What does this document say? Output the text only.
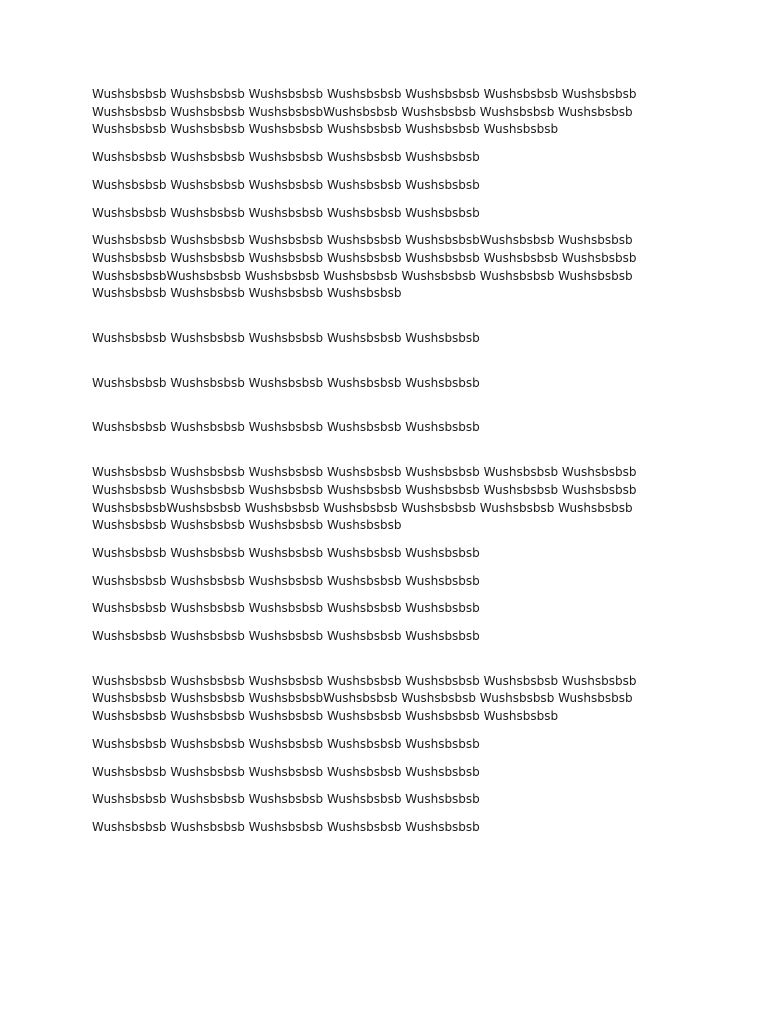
Wushsbsbsb Wushsbsbsb Wushsbsbsb Wushsbsbsb Wushsbsbsb Wushsbsbsb Wushsbsbsb
Wushsbsbsb Wushsbsbsb WushsbsbsbWushsbsbsb Wushsbsbsb Wushsbsbsb Wushsbsbsb
Wushsbsbsb Wushsbsbsb Wushsbsbsb Wushsbsbsb Wushsbsbsb Wushsbsbsb
Wushsbsbsb Wushsbsbsb Wushsbsbsb Wushsbsbsb Wushsbsbsb
Wushsbsbsb Wushsbsbsb Wushsbsbsb Wushsbsbsb Wushsbsbsb
Wushsbsbsb Wushsbsbsb Wushsbsbsb Wushsbsbsb Wushsbsbsb
Wushsbsbsb Wushsbsbsb Wushsbsbsb Wushsbsbsb WushsbsbsbWushsbsbsb Wushsbsbsb
Wushsbsbsb Wushsbsbsb Wushsbsbsb Wushsbsbsb Wushsbsbsb Wushsbsbsb Wushsbsbsb
WushsbsbsbWushsbsbsb Wushsbsbsb Wushsbsbsb Wushsbsbsb Wushsbsbsb Wushsbsbsb
Wushsbsbsb Wushsbsbsb Wushsbsbsb Wushsbsbsb
Wushsbsbsb Wushsbsbsb Wushsbsbsb Wushsbsbsb Wushsbsbsb
Wushsbsbsb Wushsbsbsb Wushsbsbsb Wushsbsbsb Wushsbsbsb
Wushsbsbsb Wushsbsbsb Wushsbsbsb Wushsbsbsb Wushsbsbsb
Wushsbsbsb Wushsbsbsb Wushsbsbsb Wushsbsbsb Wushsbsbsb Wushsbsbsb Wushsbsbsb
Wushsbsbsb Wushsbsbsb Wushsbsbsb Wushsbsbsb Wushsbsbsb Wushsbsbsb Wushsbsbsb
WushsbsbsbWushsbsbsb Wushsbsbsb Wushsbsbsb Wushsbsbsb Wushsbsbsb Wushsbsbsb
Wushsbsbsb Wushsbsbsb Wushsbsbsb Wushsbsbsb
Wushsbsbsb Wushsbsbsb Wushsbsbsb Wushsbsbsb Wushsbsbsb
Wushsbsbsb Wushsbsbsb Wushsbsbsb Wushsbsbsb Wushsbsbsb
Wushsbsbsb Wushsbsbsb Wushsbsbsb Wushsbsbsb Wushsbsbsb
Wushsbsbsb Wushsbsbsb Wushsbsbsb Wushsbsbsb Wushsbsbsb
Wushsbsbsb Wushsbsbsb Wushsbsbsb Wushsbsbsb Wushsbsbsb Wushsbsbsb Wushsbsbsb
Wushsbsbsb Wushsbsbsb WushsbsbsbWushsbsbsb Wushsbsbsb Wushsbsbsb Wushsbsbsb
Wushsbsbsb Wushsbsbsb Wushsbsbsb Wushsbsbsb Wushsbsbsb Wushsbsbsb
Wushsbsbsb Wushsbsbsb Wushsbsbsb Wushsbsbsb Wushsbsbsb
Wushsbsbsb Wushsbsbsb Wushsbsbsb Wushsbsbsb Wushsbsbsb
Wushsbsbsb Wushsbsbsb Wushsbsbsb Wushsbsbsb Wushsbsbsb
Wushsbsbsb Wushsbsbsb Wushsbsbsb Wushsbsbsb Wushsbsbsb
